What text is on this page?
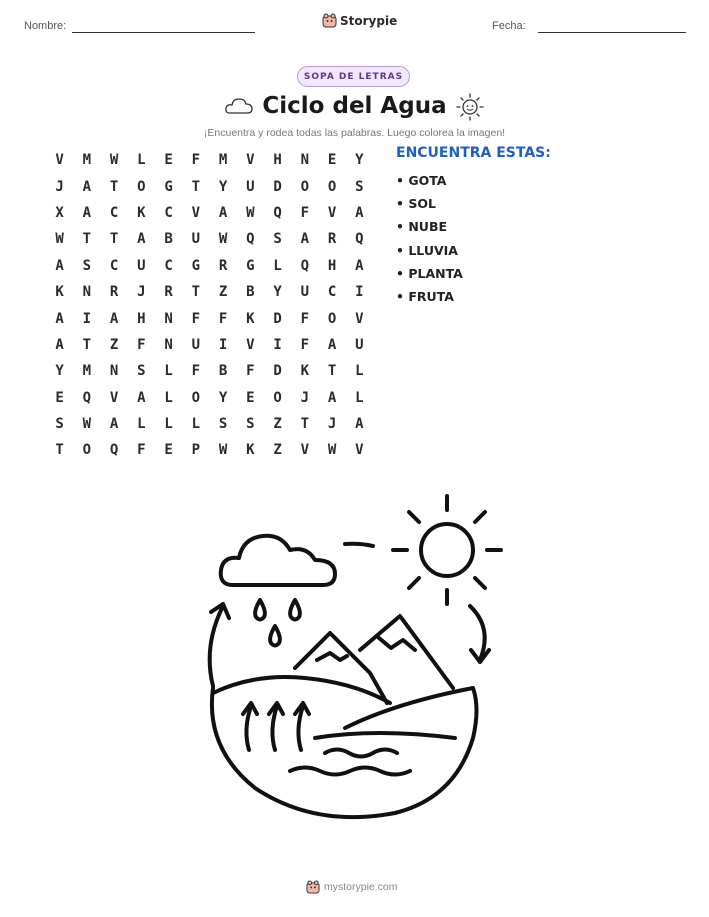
Nombre:	Storypie	Fecha:
SOPA DE LETRAS
Ciclo del Agua
¡Encuentra y rodea todas las palabras. Luego colorea la imagen!
V	M	W	L	E	F	M	V	H	N	E	Y
J	A	T	O	G	T	Y	U	D	O	O	S
X	A	C	K	C	V	A	W	Q	F	V	A
W	T	T	A	B	U	W	Q	S	A	R	Q
A	S	C	U	C	G	R	G	L	Q	H	A
K	N	R	J	R	T	Z	B	Y	U	C	I
A	I	A	H	N	F	F	K	D	F	O	V
A	T	Z	F	N	U	I	V	I	F	A	U
Y	M	N	S	L	F	B	F	D	K	T	L
E	Q	V	A	L	O	Y	E	O	J	A	L
S	W	A	L	L	L	S	S	Z	T	J	A
T	O	Q	F	E	P	W	K	Z	V	W	V
ENCUENTRA ESTAS:
• GOTA
• SOL
• NUBE
• LLUVIA
• PLANTA
• FRUTA
mystorypie.com
